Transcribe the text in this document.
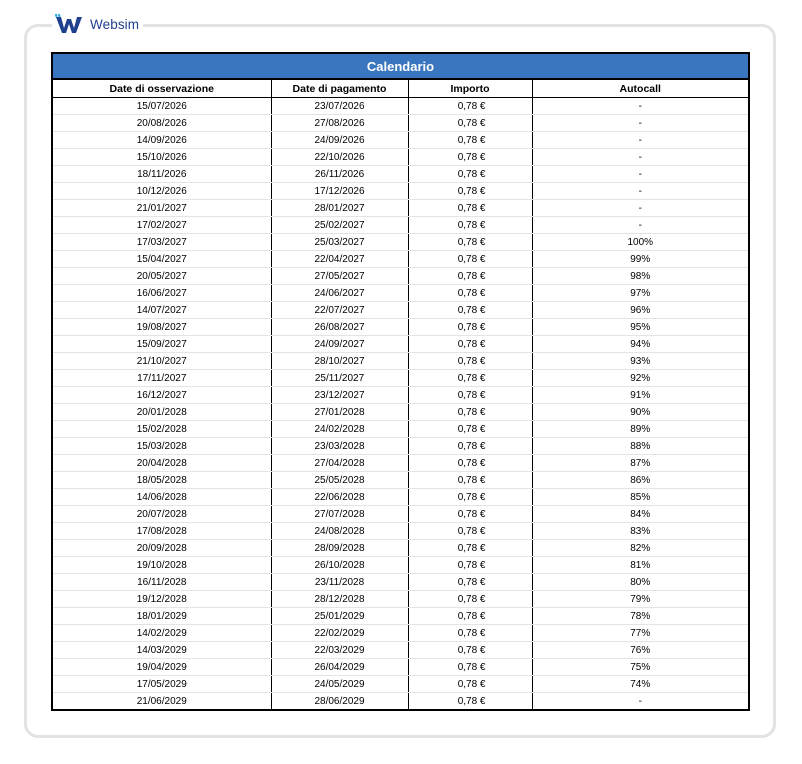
Websim
Calendario			
Date di osservazione	Date di pagamento	Importo	Autocall
15/07/2026	23/07/2026	0,78 €	-
20/08/2026	27/08/2026	0,78 €	-
14/09/2026	24/09/2026	0,78 €	-
15/10/2026	22/10/2026	0,78 €	-
18/11/2026	26/11/2026	0,78 €	-
10/12/2026	17/12/2026	0,78 €	-
21/01/2027	28/01/2027	0,78 €	-
17/02/2027	25/02/2027	0,78 €	-
17/03/2027	25/03/2027	0,78 €	100%
15/04/2027	22/04/2027	0,78 €	99%
20/05/2027	27/05/2027	0,78 €	98%
16/06/2027	24/06/2027	0,78 €	97%
14/07/2027	22/07/2027	0,78 €	96%
19/08/2027	26/08/2027	0,78 €	95%
15/09/2027	24/09/2027	0,78 €	94%
21/10/2027	28/10/2027	0,78 €	93%
17/11/2027	25/11/2027	0,78 €	92%
16/12/2027	23/12/2027	0,78 €	91%
20/01/2028	27/01/2028	0,78 €	90%
15/02/2028	24/02/2028	0,78 €	89%
15/03/2028	23/03/2028	0,78 €	88%
20/04/2028	27/04/2028	0,78 €	87%
18/05/2028	25/05/2028	0,78 €	86%
14/06/2028	22/06/2028	0,78 €	85%
20/07/2028	27/07/2028	0,78 €	84%
17/08/2028	24/08/2028	0,78 €	83%
20/09/2028	28/09/2028	0,78 €	82%
19/10/2028	26/10/2028	0,78 €	81%
16/11/2028	23/11/2028	0,78 €	80%
19/12/2028	28/12/2028	0,78 €	79%
18/01/2029	25/01/2029	0,78 €	78%
14/02/2029	22/02/2029	0,78 €	77%
14/03/2029	22/03/2029	0,78 €	76%
19/04/2029	26/04/2029	0,78 €	75%
17/05/2029	24/05/2029	0,78 €	74%
21/06/2029	28/06/2029	0,78 €	-
